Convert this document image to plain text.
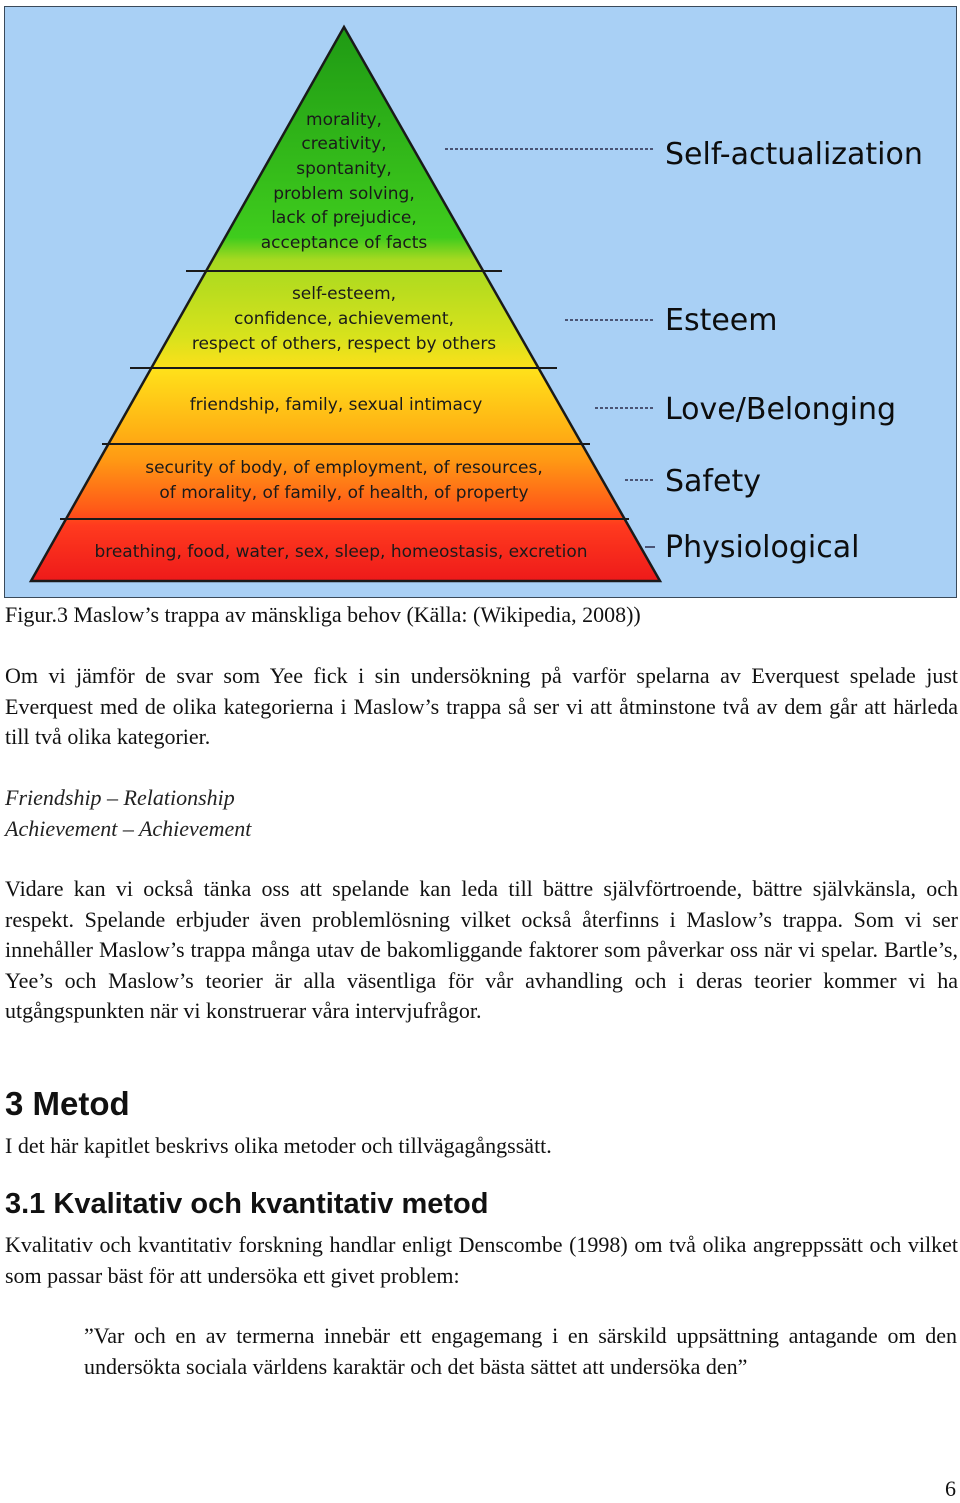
morality,
creativity,
spontanity,
problem solving,
lack of prejudice,
acceptance of facts
self-esteem,
confidence, achievement,
respect of others, respect by others
friendship, family, sexual intimacy
security of body, of employment, of resources,
of morality, of family, of health, of property
breathing, food, water, sex, sleep, homeostasis, excretion
Self-actualization
Esteem
Love/Belonging
Safety
Physiological

Figur.3 Maslow’s trappa av mänskliga behov (Källa: (Wikipedia, 2008))

Om vi jämför de svar som Yee fick i sin undersökning på varför spelarna av Everquest spelade just Everquest med de olika kategorierna i Maslow’s trappa så ser vi att åtminstone två av dem går att härleda till två olika kategorier.

Friendship – Relationship
Achievement – Achievement

Vidare kan vi också tänka oss att spelande kan leda till bättre självförtroende, bättre självkänsla, och respekt. Spelande erbjuder även problemlösning vilket också återfinns i Maslow’s trappa. Som vi ser innehåller Maslow’s trappa många utav de bakomliggande faktorer som påverkar oss när vi spelar. Bartle’s, Yee’s och Maslow’s teorier är alla väsentliga för vår avhandling och i deras teorier kommer vi ha utgångspunkten när vi konstruerar våra intervjufrågor.

3 Metod

I det här kapitlet beskrivs olika metoder och tillvägagångssätt.

3.1 Kvalitativ och kvantitativ metod

Kvalitativ och kvantitativ forskning handlar enligt Denscombe (1998) om två olika angreppssätt och vilket som passar bäst för att undersöka ett givet problem:

”Var och en av termerna innebär ett engagemang i en särskild uppsättning antagande om den undersökta sociala världens karaktär och det bästa sättet att undersöka den”

6
